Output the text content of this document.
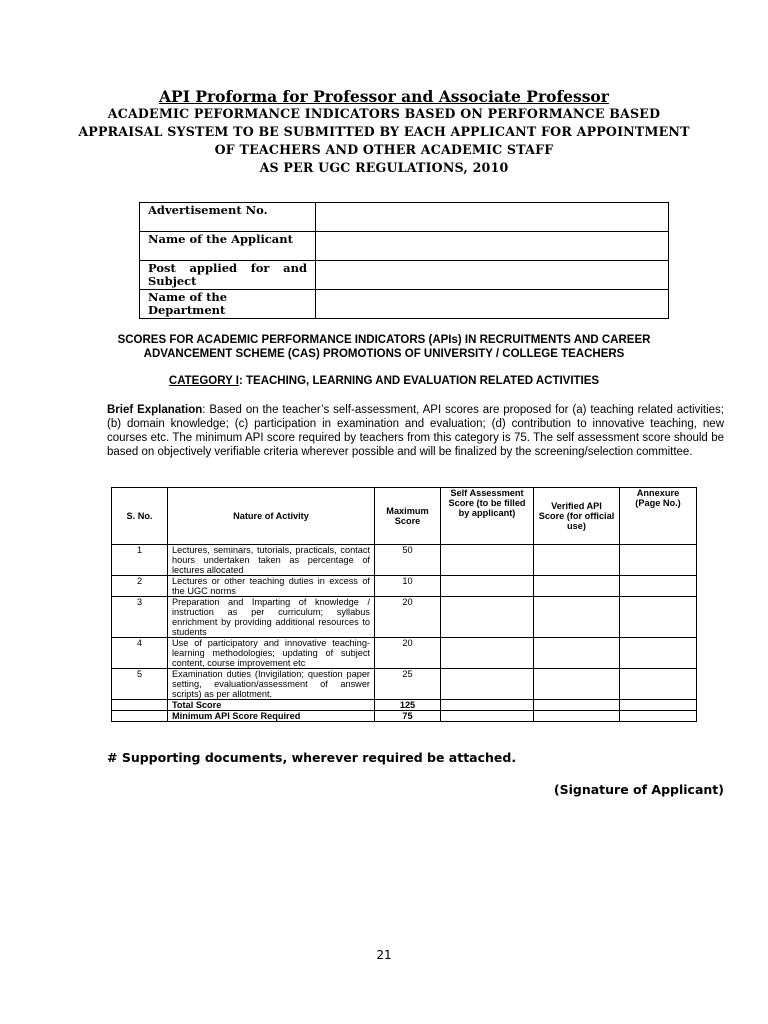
API Proforma for Professor and Associate Professor
ACADEMIC PEFORMANCE INDICATORS BASED ON PERFORMANCE BASED
APPRAISAL SYSTEM TO BE SUBMITTED BY EACH APPLICANT FOR APPOINTMENT
OF TEACHERS AND OTHER ACADEMIC STAFF
AS PER UGC REGULATIONS, 2010
Advertisement No.	
Name of the Applicant	

Post applied for and
Subject	
Name of the Department	
SCORES FOR ACADEMIC PERFORMANCE INDICATORS (APIs) IN RECRUITMENTS AND CAREER
ADVANCEMENT SCHEME (CAS) PROMOTIONS OF UNIVERSITY / COLLEGE TEACHERS
CATEGORY I: TEACHING, LEARNING AND EVALUATION RELATED ACTIVITIES
Brief Explanation: Based on the teacher’s self-assessment, API scores are proposed for (a) teaching related activities; (b) domain knowledge; (c) participation in examination and evaluation; (d) contribution to innovative teaching, new courses etc. The minimum API score required by teachers from this category is 75. The self assessment score should be based on objectively verifiable criteria wherever possible and will be finalized by the screening/selection committee.
S. No.	Nature of Activity	Maximum Score	Self Assessment Score (to be filled by applicant)	Verified API Score (for official use)	Annexure (Page No.)
1	Lectures, seminars, tutorials, practicals, contact hours undertaken taken as percentage of lectures allocated	50			
2	Lectures or other teaching duties in excess of the UGC norms	10			
3	Preparation and Imparting of knowledge / instruction as per curriculum; syllabus enrichment by providing additional resources to students	20			
4	Use of participatory and innovative teaching-learning methodologies; updating of subject content, course improvement etc	20			
5	Examination duties (Invigilation; question paper setting, evaluation/assessment of answer scripts) as per allotment.	25			
	Total Score	125			
	Minimum API Score Required	75			
# Supporting documents, wherever required be attached.
(Signature of Applicant)
21
